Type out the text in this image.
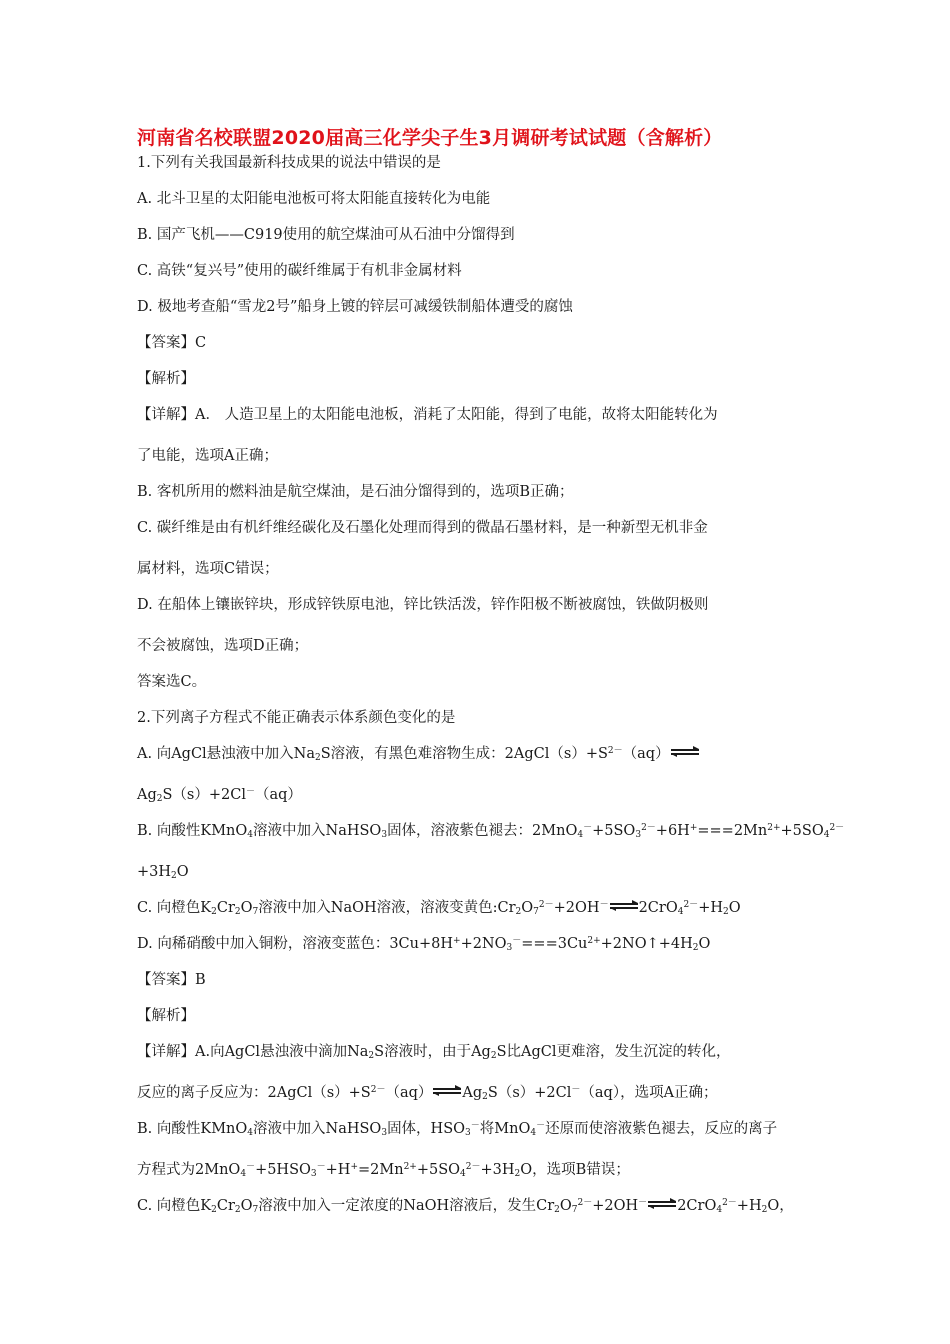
河南省名校联盟2020届高三化学尖子生3月调研考试试题（含解析）
1.下列有关我国最新科技成果的说法中错误的是
A. 北斗卫星的太阳能电池板可将太阳能直接转化为电能
B. 国产飞机——C919使用的航空煤油可从石油中分馏得到
C. 高铁“复兴号”使用的碳纤维属于有机非金属材料
D. 极地考查船“雪龙2号”船身上镀的锌层可减缓铁制船体遭受的腐蚀
【答案】C
【解析】
【详解】A． 人造卫星上的太阳能电池板，消耗了太阳能，得到了电能，故将太阳能转化为
了电能，选项A正确；
B. 客机所用的燃料油是航空煤油，是石油分馏得到的，选项B正确；
C. 碳纤维是由有机纤维经碳化及石墨化处理而得到的微晶石墨材料，是一种新型无机非金
属材料，选项C错误；
D. 在船体上镶嵌锌块，形成锌铁原电池，锌比铁活泼，锌作阳极不断被腐蚀，铁做阴极则
不会被腐蚀，选项D正确；
答案选C。
2.下列离子方程式不能正确表示体系颜色变化的是
A. 向AgCl悬浊液中加入$Na_2S$溶液，有黑色难溶物生成：$2AgCl(s)+S^{2-}(aq)$
$Ag_2S(s)+2Cl^-(aq)$
B. 向酸性KMnO$_4$溶液中加入NaHSO$_3$固体，溶液紫色褪去：$2MnO_4^-+5SO_3^{2-}+6H^+===2Mn^{2+}+5SO_4^{2-}$
$+3H_2O$
C. 向橙色$K_2Cr_2O_7$溶液中加入NaOH溶液，溶液变黄色$:Cr_2O_7^{2-}+2OH^-$ $2CrO_4^{2-}+H_2O$
D. 向稀硝酸中加入铜粉，溶液变蓝色：$3Cu+8H^++2NO_3^-===3Cu^{2+}+2NO↑+4H_2O$
【答案】B
【解析】
【详解】A.向AgCl悬浊液中滴加$Na_2S$溶液时，由于$Ag_2S$比AgCl更难溶，发生沉淀的转化，
反应的离子反应为：$2AgCl(s)+S^{2-}(aq)$ $Ag_2S(s)+2Cl^-(aq)$，选项A正确；
B. 向酸性KMnO$_4$溶液中加入NaHSO$_3$固体，$HSO_3^-$将MnO$_4$－还原而使溶液紫色褪去，反应的离子
方程式为$2MnO_4^-+5HSO_3^-+H^+=2Mn^{2+}+5SO_4^{2-}+3H_2O$，选项B错误；
C. 向橙色$K_2Cr_2O_7$溶液中加入一定浓度的NaOH溶液后，发生$Cr_2O_7^{2-}+2OH^-$ $2CrO_4^{2-}+H_2O$，
